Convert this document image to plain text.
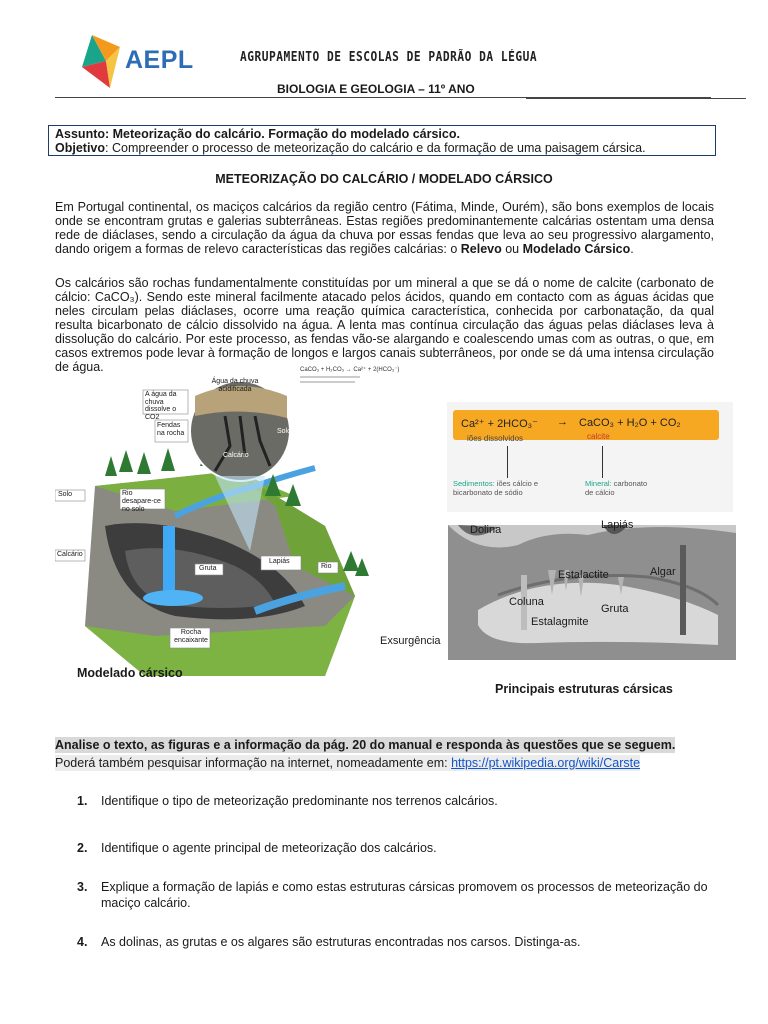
AEPL	AGRUPAMENTO DE ESCOLAS DE PADRÃO DA LÉGUA
BIOLOGIA E GEOLOGIA – 11º ANO
Assunto: Meteorização do calcário. Formação do modelado cársico.
Objetivo: Compreender o processo de meteorização do calcário e da formação de uma paisagem cársica.
METEORIZAÇÃO DO CALCÁRIO / MODELADO CÁRSICO
Em Portugal continental, os maciços calcários da região centro (Fátima, Minde, Ourém), são bons exemplos de locais onde se encontram grutas e galerias subterrâneas. Estas regiões predominantemente calcárias ostentam uma densa rede de diáclases, sendo a circulação da água da chuva por essas fendas que leva ao seu progressivo alargamento, dando origem a formas de relevo características das regiões calcárias: o Relevo ou Modelado Cársico.
Os calcários são rochas fundamentalmente constituídas por um mineral a que se dá o nome de calcite (carbonato de cálcio: CaCO₃). Sendo este mineral facilmente atacado pelos ácidos, quando em contacto com as águas ácidas que neles circulam pelas diáclases, ocorre uma reação química característica, conhecida por carbonatação, da qual resulta bicarbonato de cálcio dissolvido na água. A lenta mas contínua circulação das águas pelas diáclases leva à dissolução do calcário. Por este processo, as fendas vão-se alargando e coalescendo umas com as outras, o que, em casos extremos pode levar à formação de longos e largos canais subterrâneos, por onde se dá uma intensa circulação de água.
Água da chuva acidificada
A água da chuva dissolve o CO2
Fendas na rocha	Solo
Calcário
Solo	Rio desapare-ce no solo
Calcário
Gruta
Lapiás
Rio
Rocha encaixante
CaCO₃ + H₂CO₃ → Ca²⁺ + 2(HCO₃⁻)
Ca²⁺ + 2HCO₃⁻ → CaCO₃ + H₂O + CO₂
iões dissolvidos	calcite
Sedimentos: iões cálcio e bicarbonato de sódio
Mineral: carbonato de cálcio
Dolina	Lapiás
Estalactite	Algar
Coluna
Gruta
Estalagmite
Exsurgência
Modelado cársico
Principais estruturas cársicas
Analise o texto, as figuras e a informação da pág. 20 do manual e responda às questões que se seguem.
Poderá também pesquisar informação na internet, nomeadamente em: https://pt.wikipedia.org/wiki/Carste
1. Identifique o tipo de meteorização predominante nos terrenos calcários.
2. Identifique o agente principal de meteorização dos calcários.
3. Explique a formação de lapiás e como estas estruturas cársicas promovem os processos de meteorização do maciço calcário.
4. As dolinas, as grutas e os algares são estruturas encontradas nos carsos. Distinga-as.
